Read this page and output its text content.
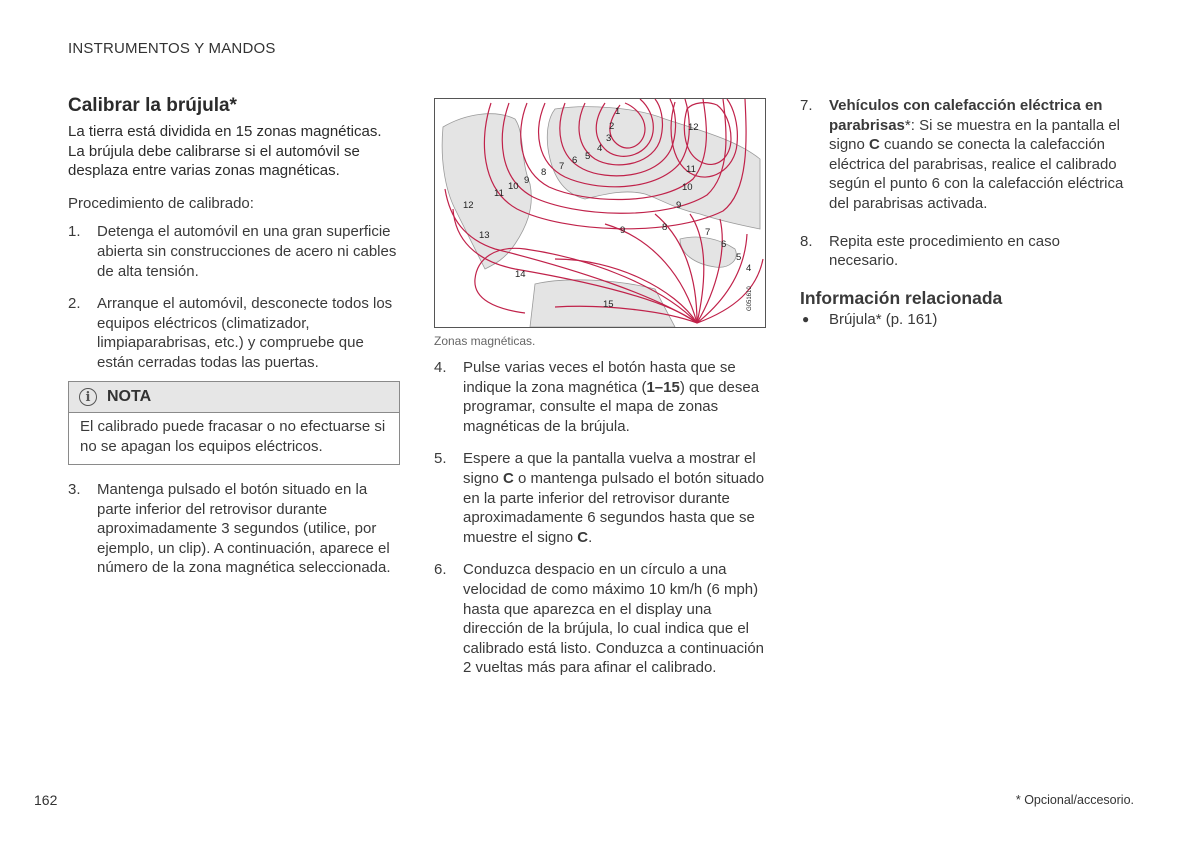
INSTRUMENTOS Y MANDOS
Calibrar la brújula*

La tierra está dividida en 15 zonas magnéticas. La brújula debe calibrarse si el automóvil se desplaza entre varias zonas magnéticas.

Procedimiento de calibrado:

1. Detenga el automóvil en una gran superficie abierta sin construcciones de acero ni cables de alta tensión.
2. Arranque el automóvil, desconecte todos los equipos eléctricos (climatizador, limpiaparabrisas, etc.) y compruebe que están cerradas todas las puertas.
i	NOTA
El calibrado puede fracasar o no efectuarse si no se apagan los equipos eléctricos.
3. Mantenga pulsado el botón situado en la parte inferior del retrovisor durante aproximadamente 3 segundos (utilice, por ejemplo, un clip). A continuación, aparece el número de la zona magnética seleccionada.
1
2
3
4
5
6
7
8
9
10
11
12
13
14
15
12
11
10
9
9	8	7
6
5
4
G051610
Zonas magnéticas.
4. Pulse varias veces el botón hasta que se indique la zona magnética (1–15) que desea programar, consulte el mapa de zonas magnéticas de la brújula.
5. Espere a que la pantalla vuelva a mostrar el signo C o mantenga pulsado el botón situado en la parte inferior del retrovisor durante aproximadamente 6 segundos hasta que se muestre el signo C.
6. Conduzca despacio en un círculo a una velocidad de como máximo 10 km/h (6 mph) hasta que aparezca en el display una dirección de la brújula, lo cual indica que el calibrado está listo. Conduzca a continuación 2 vueltas más para afinar el calibrado.
7. Vehículos con calefacción eléctrica en parabrisas*: Si se muestra en la pantalla el signo C cuando se conecta la calefacción eléctrica del parabrisas, realice el calibrado según el punto 6 con la calefacción eléctrica del parabrisas activada.
8. Repita este procedimiento en caso necesario.
Información relacionada
● Brújula* (p. 161)
162	* Opcional/accesorio.
